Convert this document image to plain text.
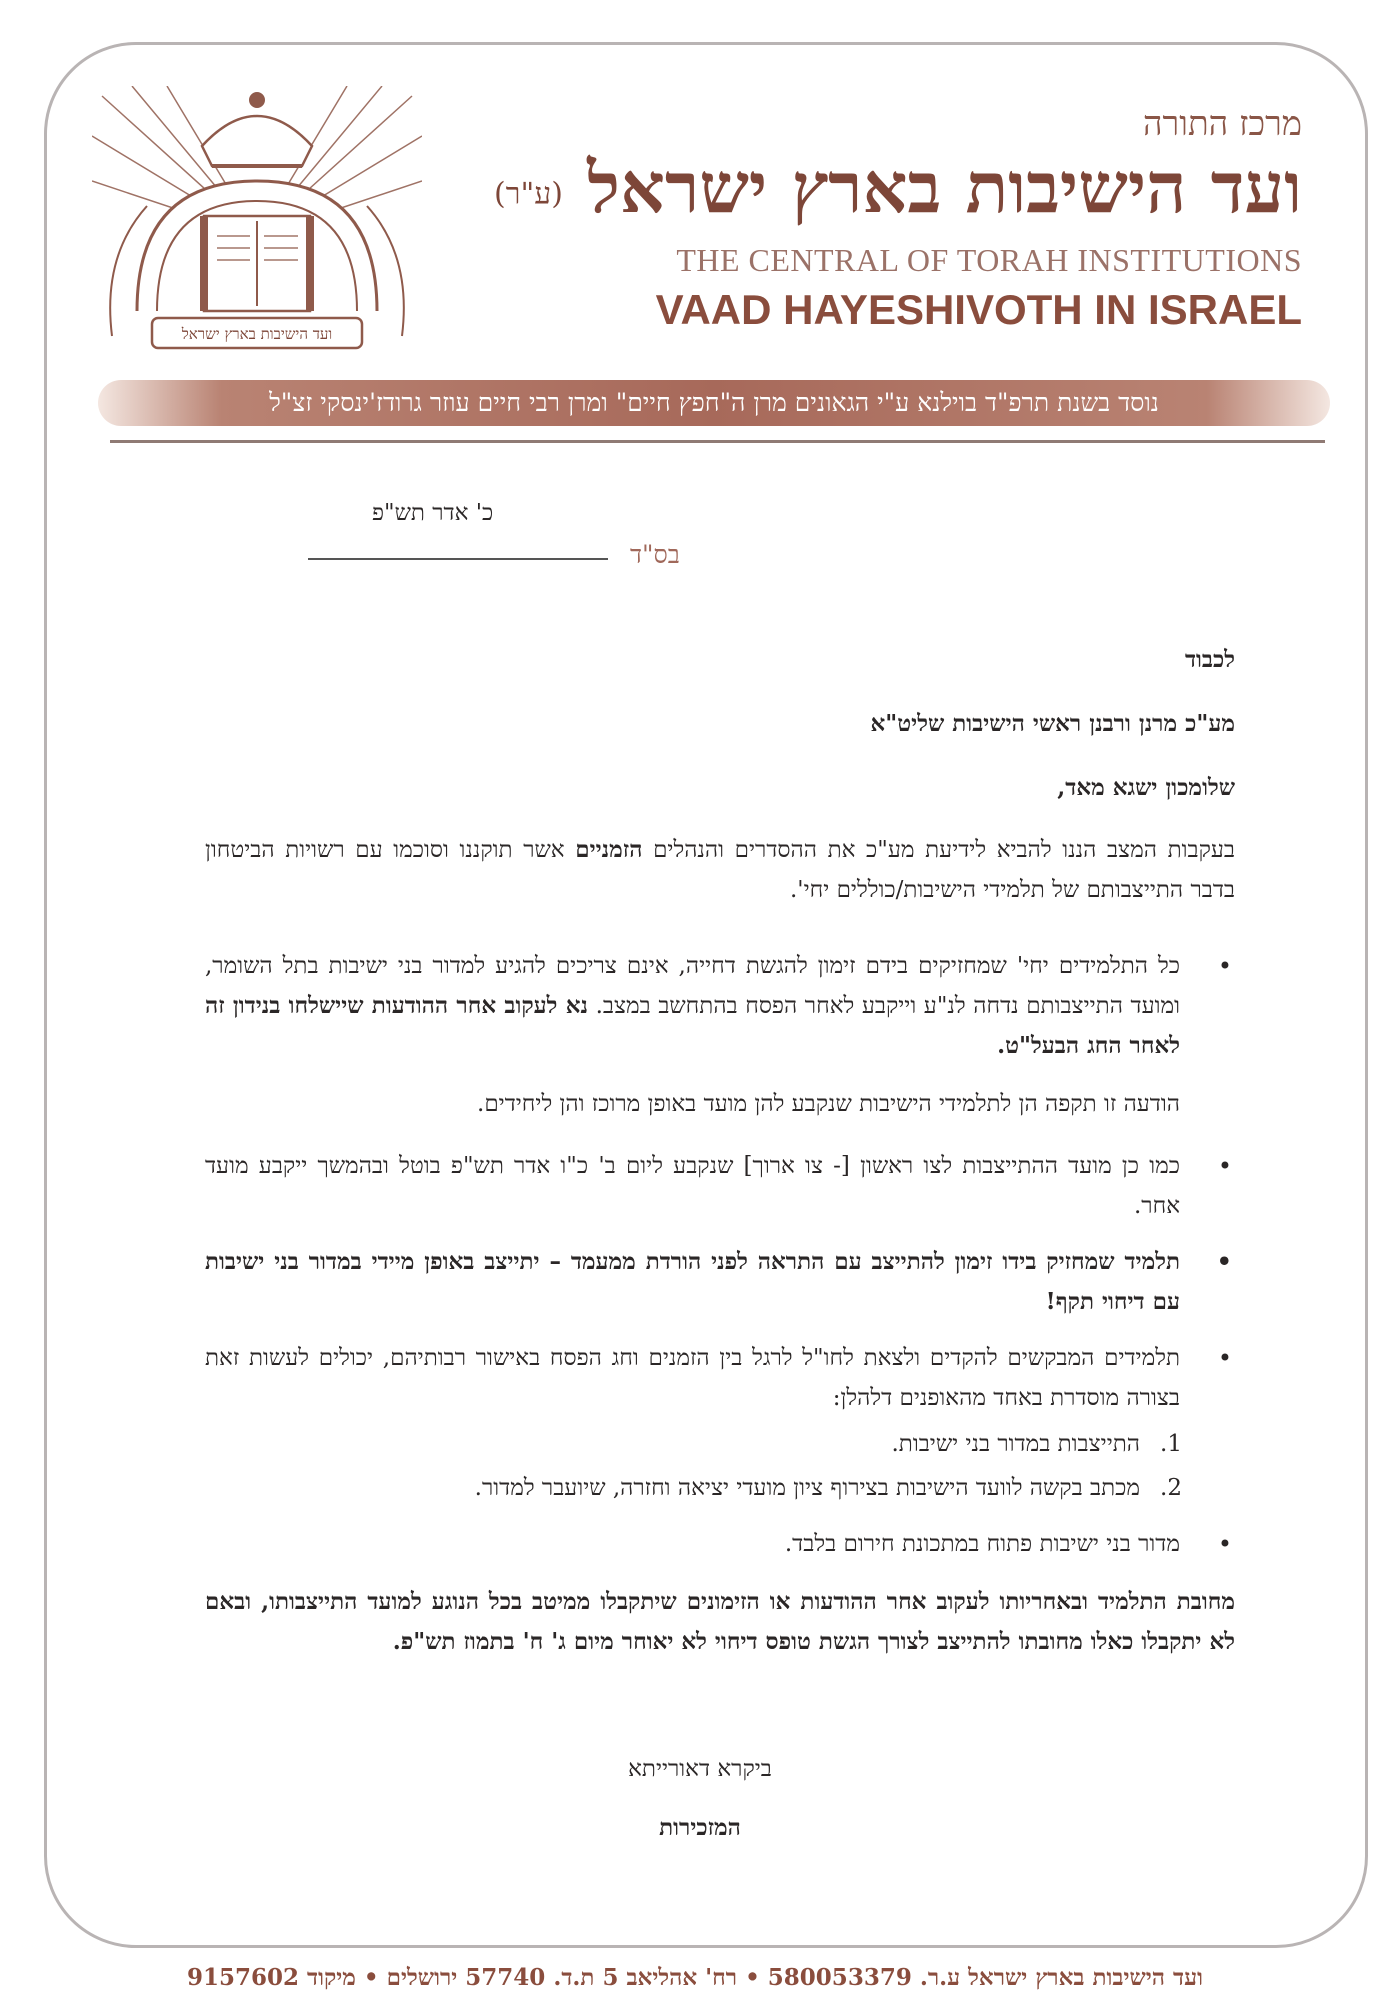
ועד הישיבות בארץ ישראל
מרכז התורה
ועד הישיבות בארץ ישראל (ע"ר)
THE CENTRAL OF TORAH INSTITUTIONS
VAAD HAYESHIVOTH IN ISRAEL
נוסד בשנת תרפ"ד בוילנא ע"י הגאונים מרן ה"חפץ חיים" ומרן רבי חיים עוזר גרודז'ינסקי זצ"ל
כ' אדר תש"פ
בס"ד

לכבוד

מע"כ מרנן ורבנן ראשי הישיבות שליט"א

שלומכון ישגא מאד,

בעקבות המצב הננו להביא לידיעת מע"כ את ההסדרים והנהלים הזמניים אשר תוקננו וסוכמו עם רשויות הביטחון בדבר התייצבותם של תלמידי הישיבות/כוללים יחי'.

• כל התלמידים יחי' שמחזיקים בידם זימון להגשת דחייה, אינם צריכים להגיע למדור בני ישיבות בתל השומר, ומועד התייצבותם נדחה לנ"ע וייקבע לאחר הפסח בהתחשב במצב. נא לעקוב אחר ההודעות שיישלחו בנידון זה לאחר החג הבעל"ט.

הודעה זו תקפה הן לתלמידי הישיבות שנקבע להן מועד באופן מרוכז והן ליחידים.

• כמו כן מועד ההתייצבות לצו ראשון [- צו ארוך] שנקבע ליום ב' כ"ו אדר תש"פ בוטל ובהמשך ייקבע מועד אחר.
• תלמיד שמחזיק בידו זימון להתייצב עם התראה לפני הורדת ממעמד – יתייצב באופן מיידי במדור בני ישיבות עם דיחוי תקף!
• תלמידים המבקשים להקדים ולצאת לחו"ל לרגל בין הזמנים וחג הפסח באישור רבותיהם, יכולים לעשות זאת בצורה מוסדרת באחד מהאופנים דלהלן:
1.
התייצבות במדור בני ישיבות.
2.
מכתב בקשה לוועד הישיבות בצירוף ציון מועדי יציאה וחזרה, שיועבר למדור.
• מדור בני ישיבות פתוח במתכונת חירום בלבד.

מחובת התלמיד ובאחריותו לעקוב אחר ההודעות או הזימונים שיתקבלו ממיטב בכל הנוגע למועד התייצבותו, ובאם לא יתקבלו כאלו מחובתו להתייצב לצורך הגשת טופס דיחוי לא יאוחר מיום ג' ח' בתמוז תש"פ.

ביקרא דאורייתא
המזכירות
ועד הישיבות בארץ ישראל ע.ר. 580053379 • רח' אהליאב 5 ת.ד. 57740 ירושלים • מיקוד 9157602
